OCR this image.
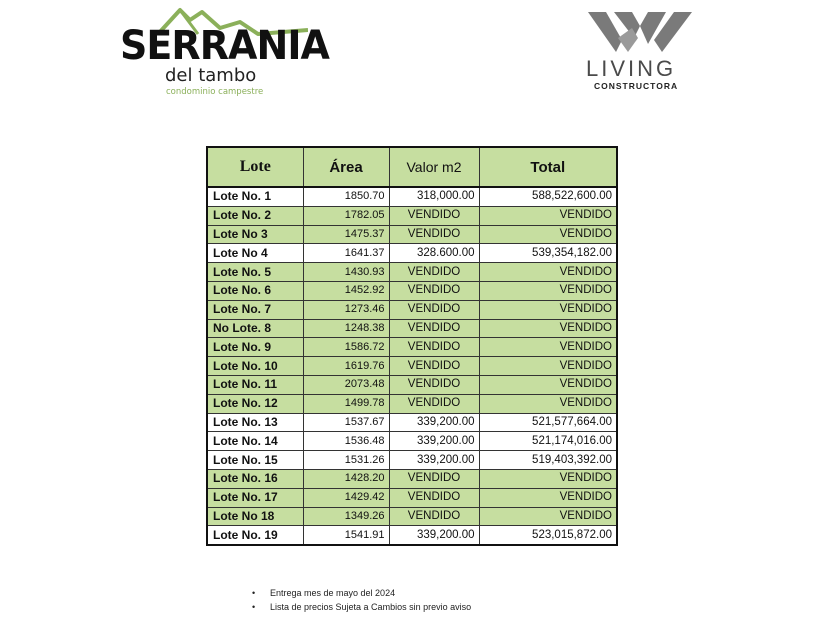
SERRANIA
del tambo
condominio campestre
LIVING
CONSTRUCTORA
Lote	Área	Valor m2	Total
Lote No. 1	1850.70	318,000.00	588,522,600.00
Lote No. 2	1782.05	VENDIDO	VENDIDO
Lote No 3	1475.37	VENDIDO	VENDIDO
Lote No 4	1641.37	328.600.00	539,354,182.00
Lote No. 5	1430.93	VENDIDO	VENDIDO
Lote No. 6	1452.92	VENDIDO	VENDIDO
Lote No. 7	1273.46	VENDIDO	VENDIDO
No Lote. 8	1248.38	VENDIDO	VENDIDO
Lote No. 9	1586.72	VENDIDO	VENDIDO
Lote No. 10	1619.76	VENDIDO	VENDIDO
Lote No. 11	2073.48	VENDIDO	VENDIDO
Lote No. 12	1499.78	VENDIDO	VENDIDO
Lote No. 13	1537.67	339,200.00	521,577,664.00
Lote No. 14	1536.48	339,200.00	521,174,016.00
Lote No. 15	1531.26	339,200.00	519,403,392.00
Lote No. 16	1428.20	VENDIDO	VENDIDO
Lote No. 17	1429.42	VENDIDO	VENDIDO
Lote No 18	1349.26	VENDIDO	VENDIDO
Lote No. 19	1541.91	339,200.00	523,015,872.00
• Entrega mes de mayo del 2024
• Lista de precios Sujeta a Cambios sin previo aviso
